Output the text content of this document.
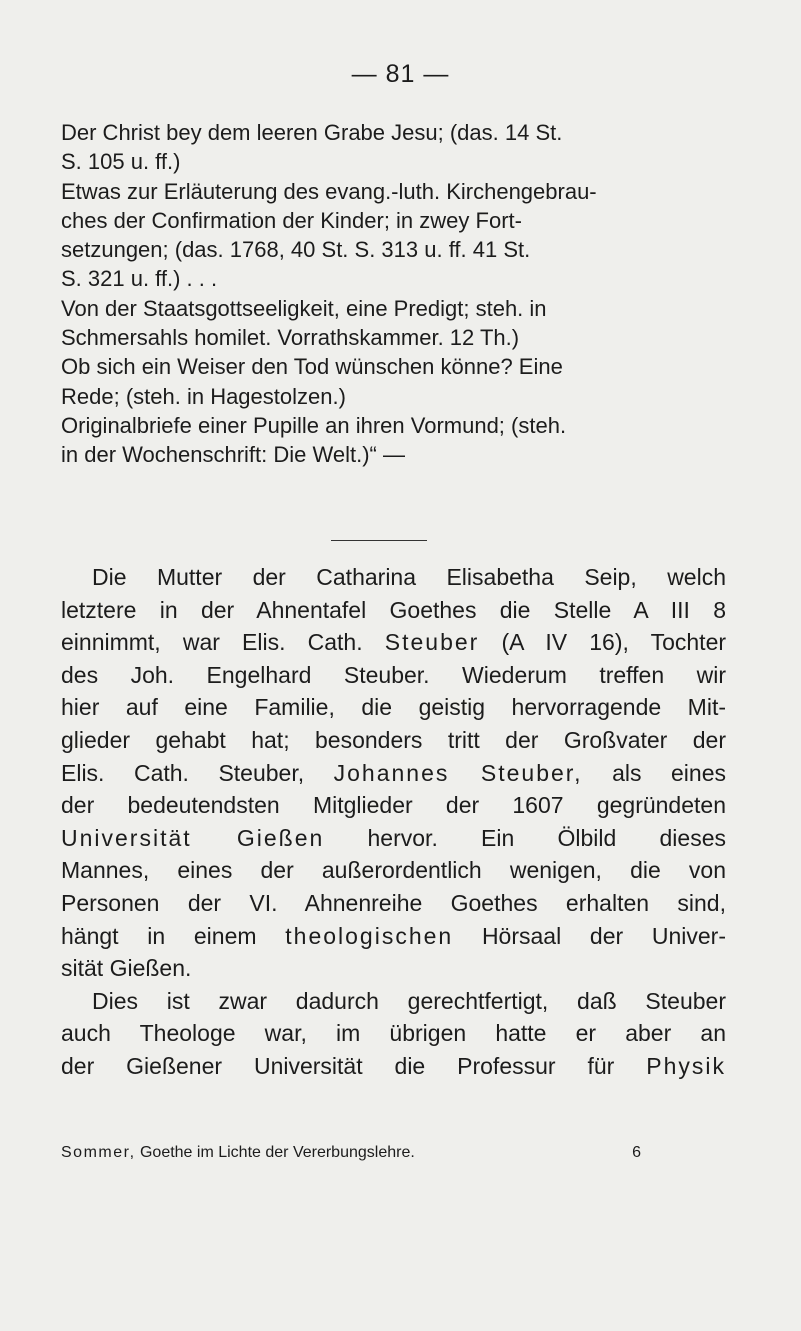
— 81 —
Der Christ bey dem leeren Grabe Jesu; (das. 14 St.
S. 105 u. ff.)
Etwas zur Erläuterung des evang.-luth. Kirchengebrau-
ches der Confirmation der Kinder; in zwey Fort-
setzungen; (das. 1768, 40 St. S. 313 u. ff. 41 St.
S. 321 u. ff.) . . .
Von der Staatsgottseeligkeit, eine Predigt; steh. in
Schmersahls homilet. Vorrathskammer. 12 Th.)
Ob sich ein Weiser den Tod wünschen könne? Eine
Rede; (steh. in Hagestolzen.)
Originalbriefe einer Pupille an ihren Vormund; (steh.
in der Wochenschrift: Die Welt.)“ —
Die Mutter der Catharina Elisabetha Seip, welch
letztere in der Ahnentafel Goethes die Stelle A III 8
einnimmt, war Elis. Cath. Steuber (A IV 16), Tochter
des Joh. Engelhard Steuber. Wiederum treffen wir
hier auf eine Familie, die geistig hervorragende Mit-
glieder gehabt hat; besonders tritt der Großvater der
Elis. Cath. Steuber, Johannes Steuber, als eines
der bedeutendsten Mitglieder der 1607 gegründeten
Universität Gießen hervor. Ein Ölbild dieses
Mannes, eines der außerordentlich wenigen, die von
Personen der VI. Ahnenreihe Goethes erhalten sind,
hängt in einem theologischen Hörsaal der Univer-
sität Gießen.
Dies ist zwar dadurch gerechtfertigt, daß Steuber
auch Theologe war, im übrigen hatte er aber an
der Gießener Universität die Professur für Physik
Sommer, Goethe im Lichte der Vererbungslehre.	6
